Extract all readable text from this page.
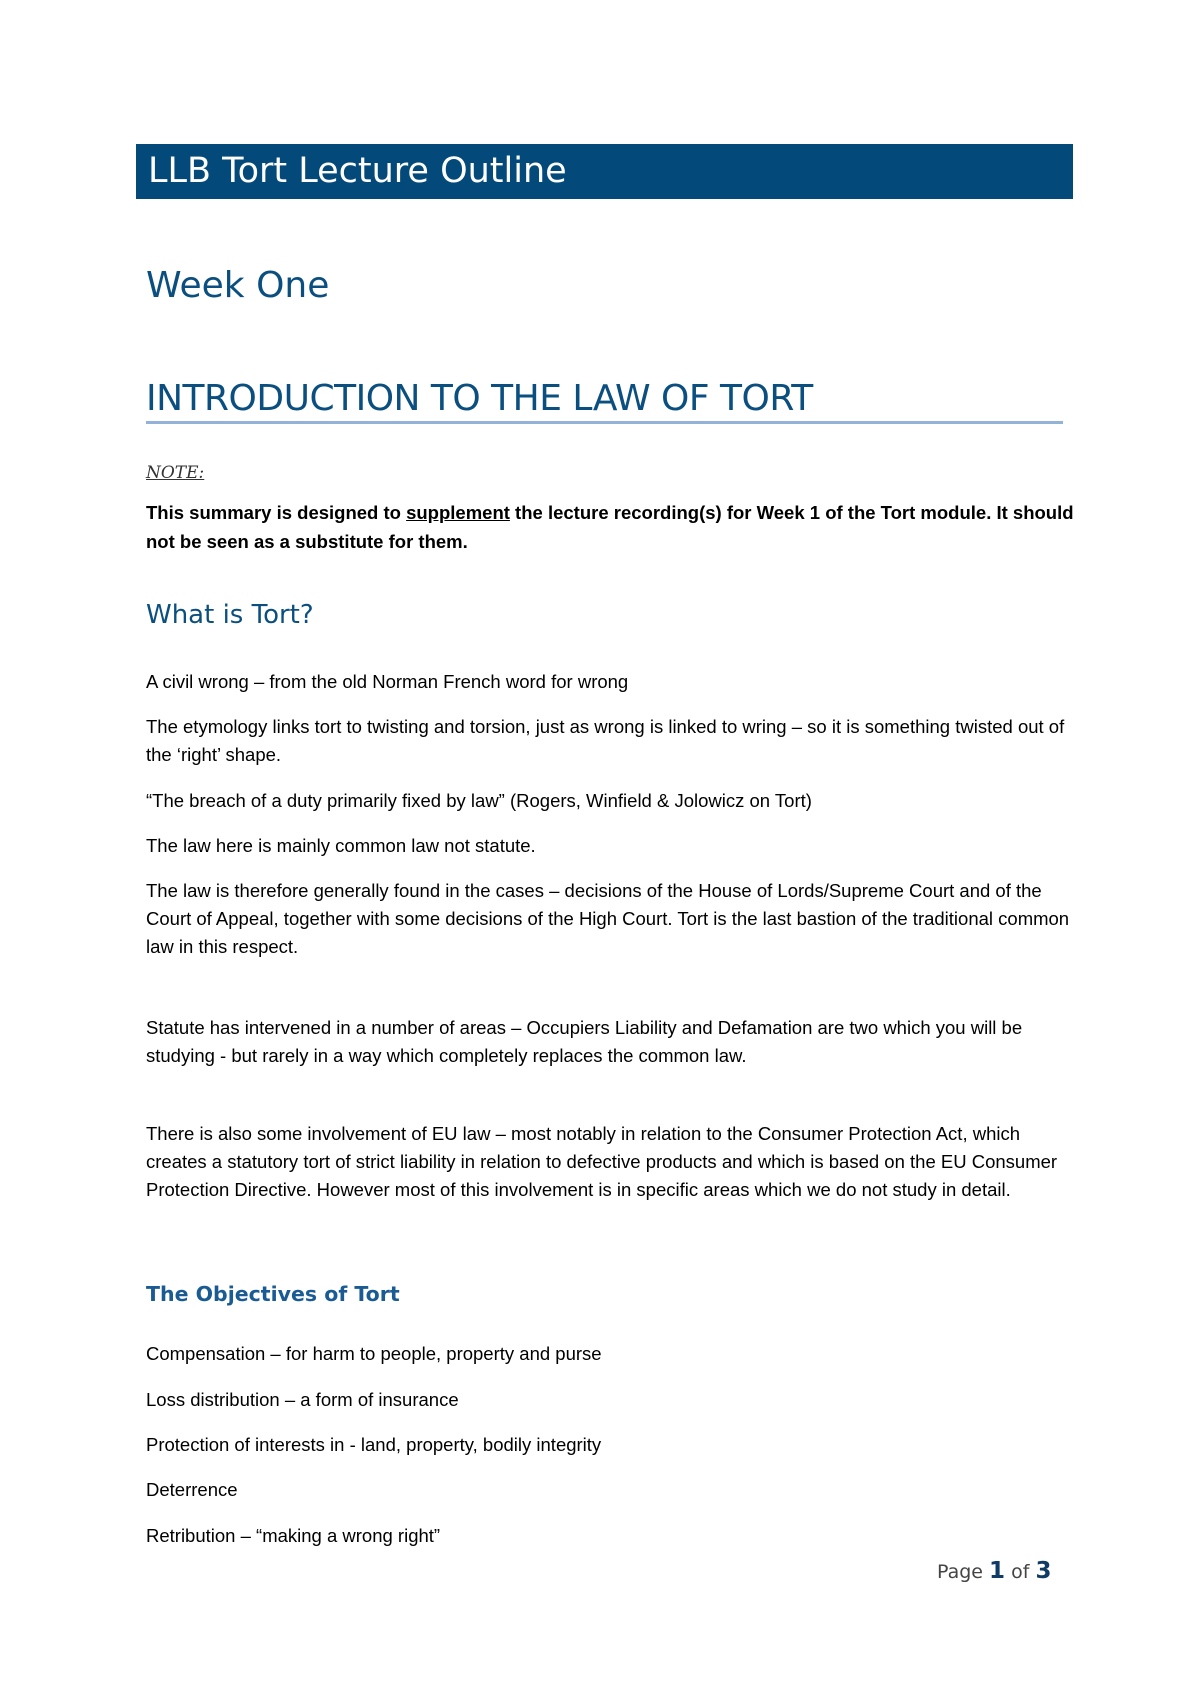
LLB Tort Lecture Outline
Week One
INTRODUCTION TO THE LAW OF TORT
NOTE:
This summary is designed to supplement the lecture recording(s) for Week 1 of the Tort module. It should not be seen as a substitute for them.
What is Tort?

A civil wrong – from the old Norman French word for wrong

The etymology links tort to twisting and torsion, just as wrong is linked to wring – so it is something twisted out of the ‘right’ shape.

“The breach of a duty primarily fixed by law” (Rogers, Winfield & Jolowicz on Tort)

The law here is mainly common law not statute.

The law is therefore generally found in the cases – decisions of the House of Lords/Supreme Court and of the Court of Appeal, together with some decisions of the High Court. Tort is the last bastion of the traditional common law in this respect.

Statute has intervened in a number of areas – Occupiers Liability and Defamation are two which you will be studying - but rarely in a way which completely replaces the common law.

There is also some involvement of EU law – most notably in relation to the Consumer Protection Act, which creates a statutory tort of strict liability in relation to defective products and which is based on the EU Consumer Protection Directive. However most of this involvement is in specific areas which we do not study in detail.

The Objectives of Tort

Compensation – for harm to people, property and purse

Loss distribution – a form of insurance

Protection of interests in - land, property, bodily integrity

Deterrence

Retribution – “making a wrong right”

Page 1 of 3
